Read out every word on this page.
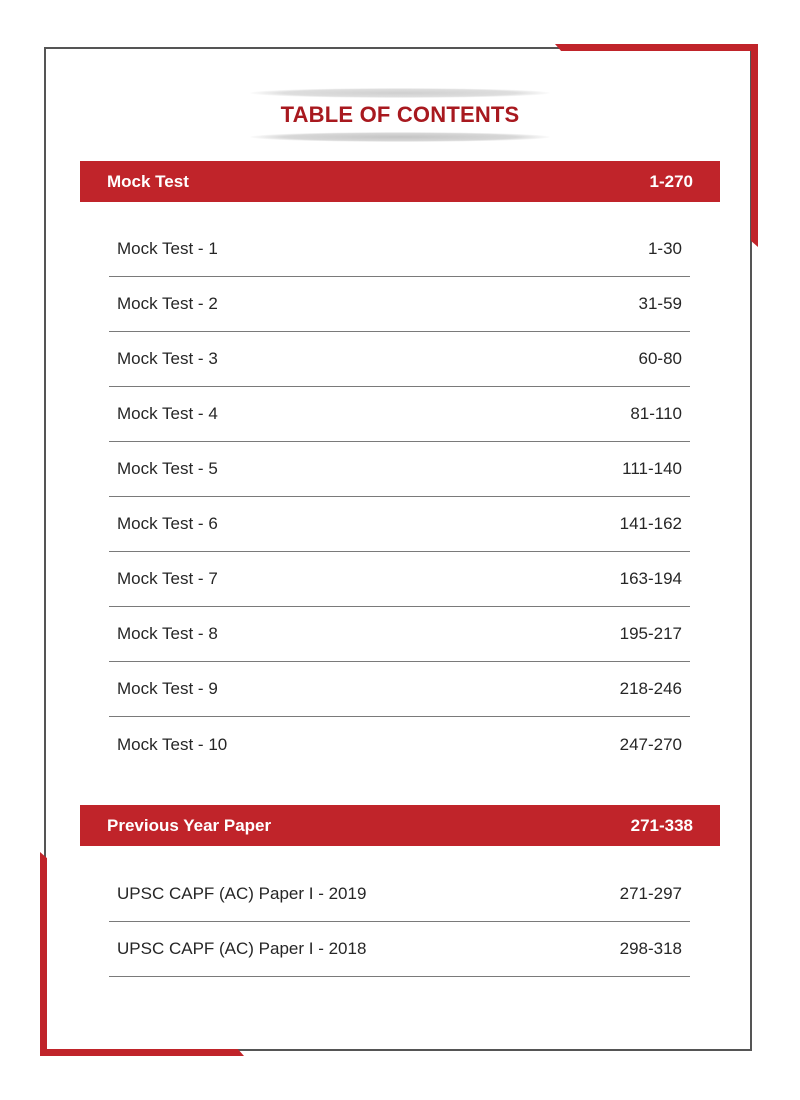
TABLE OF CONTENTS
Mock Test	1-270
Mock Test - 1	1-30
Mock Test - 2	31-59
Mock Test - 3	60-80
Mock Test - 4	81-110
Mock Test - 5	111-140
Mock Test - 6	141-162
Mock Test - 7	163-194
Mock Test - 8	195-217
Mock Test - 9	218-246
Mock Test - 10	247-270
Previous Year Paper	271-338
UPSC CAPF (AC) Paper I - 2019	271-297
UPSC CAPF (AC) Paper I - 2018	298-318
